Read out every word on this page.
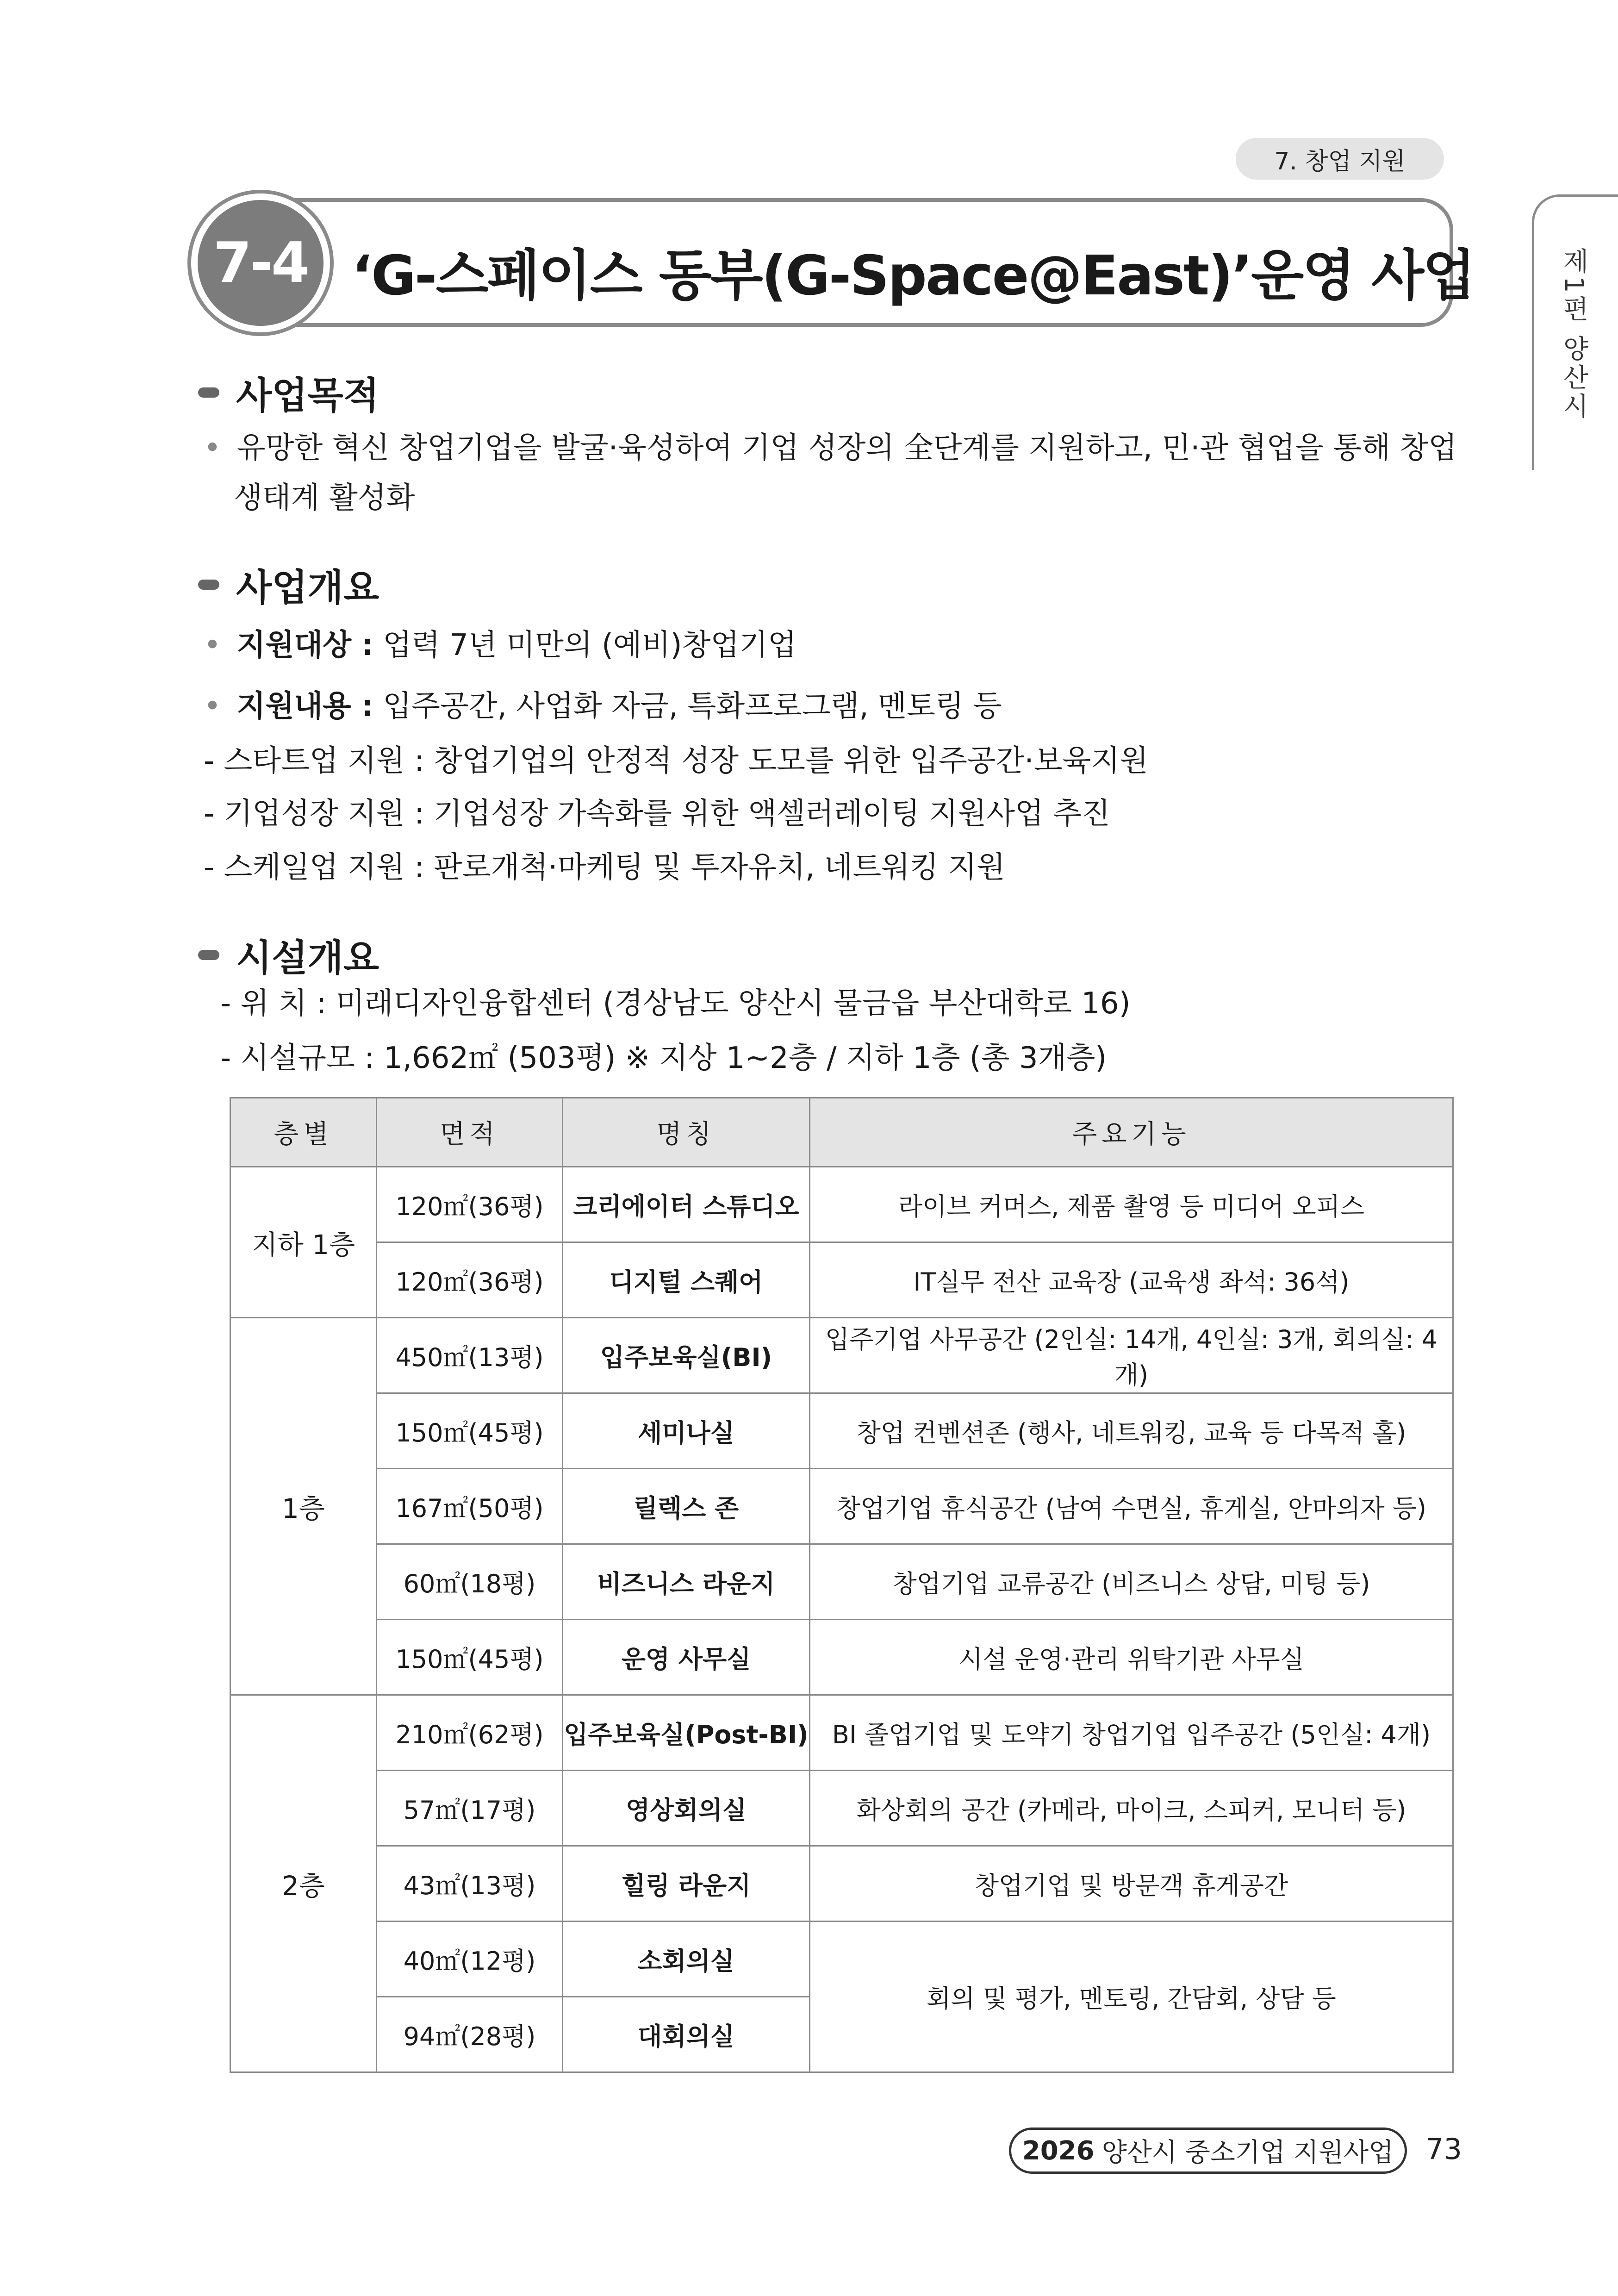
7. 창업 지원
제1편 양산시
7-4 ‘G-스페이스 동부(G-Space@East)’운영 사업
사업목적
• 유망한 혁신 창업기업을 발굴·육성하여 기업 성장의 全단계를 지원하고, 민·관 협업을 통해 창업
생태계 활성화
사업개요
• 지원대상 : 업력 7년 미만의 (예비)창업기업
• 지원내용 : 입주공간, 사업화 자금, 특화프로그램, 멘토링 등
- 스타트업 지원 : 창업기업의 안정적 성장 도모를 위한 입주공간·보육지원
- 기업성장 지원 : 기업성장 가속화를 위한 액셀러레이팅 지원사업 추진
- 스케일업 지원 : 판로개척·마케팅 및 투자유치, 네트워킹 지원
시설개요
- 위 치 : 미래디자인융합센터 (경상남도 양산시 물금읍 부산대학로 16)
- 시설규모 : 1,662㎡ (503평) ※ 지상 1~2층 / 지하 1층 (총 3개층)
층별	면적	명칭	주요기능
지하 1층	120㎡(36평)	크리에이터 스튜디오	라이브 커머스, 제품 촬영 등 미디어 오피스
	120㎡(36평)	디지털 스퀘어	IT실무 전산 교육장 (교육생 좌석: 36석)
1층	450㎡(13평)	입주보육실(BI)	입주기업 사무공간 (2인실: 14개, 4인실: 3개, 회의실: 4개)
	150㎡(45평)	세미나실	창업 컨벤션존 (행사, 네트워킹, 교육 등 다목적 홀)
	167㎡(50평)	릴렉스 존	창업기업 휴식공간 (남여 수면실, 휴게실, 안마의자 등)
	60㎡(18평)	비즈니스 라운지	창업기업 교류공간 (비즈니스 상담, 미팅 등)
	150㎡(45평)	운영 사무실	시설 운영·관리 위탁기관 사무실
2층	210㎡(62평)	입주보육실(Post-BI)	BI 졸업기업 및 도약기 창업기업 입주공간 (5인실: 4개)
	57㎡(17평)	영상회의실	화상회의 공간 (카메라, 마이크, 스피커, 모니터 등)
	43㎡(13평)	힐링 라운지	창업기업 및 방문객 휴게공간
	40㎡(12평)	소회의실	회의 및 평가, 멘토링, 간담회, 상담 등
	94㎡(28평)	대회의실	
2026 양산시 중소기업 지원사업 73
